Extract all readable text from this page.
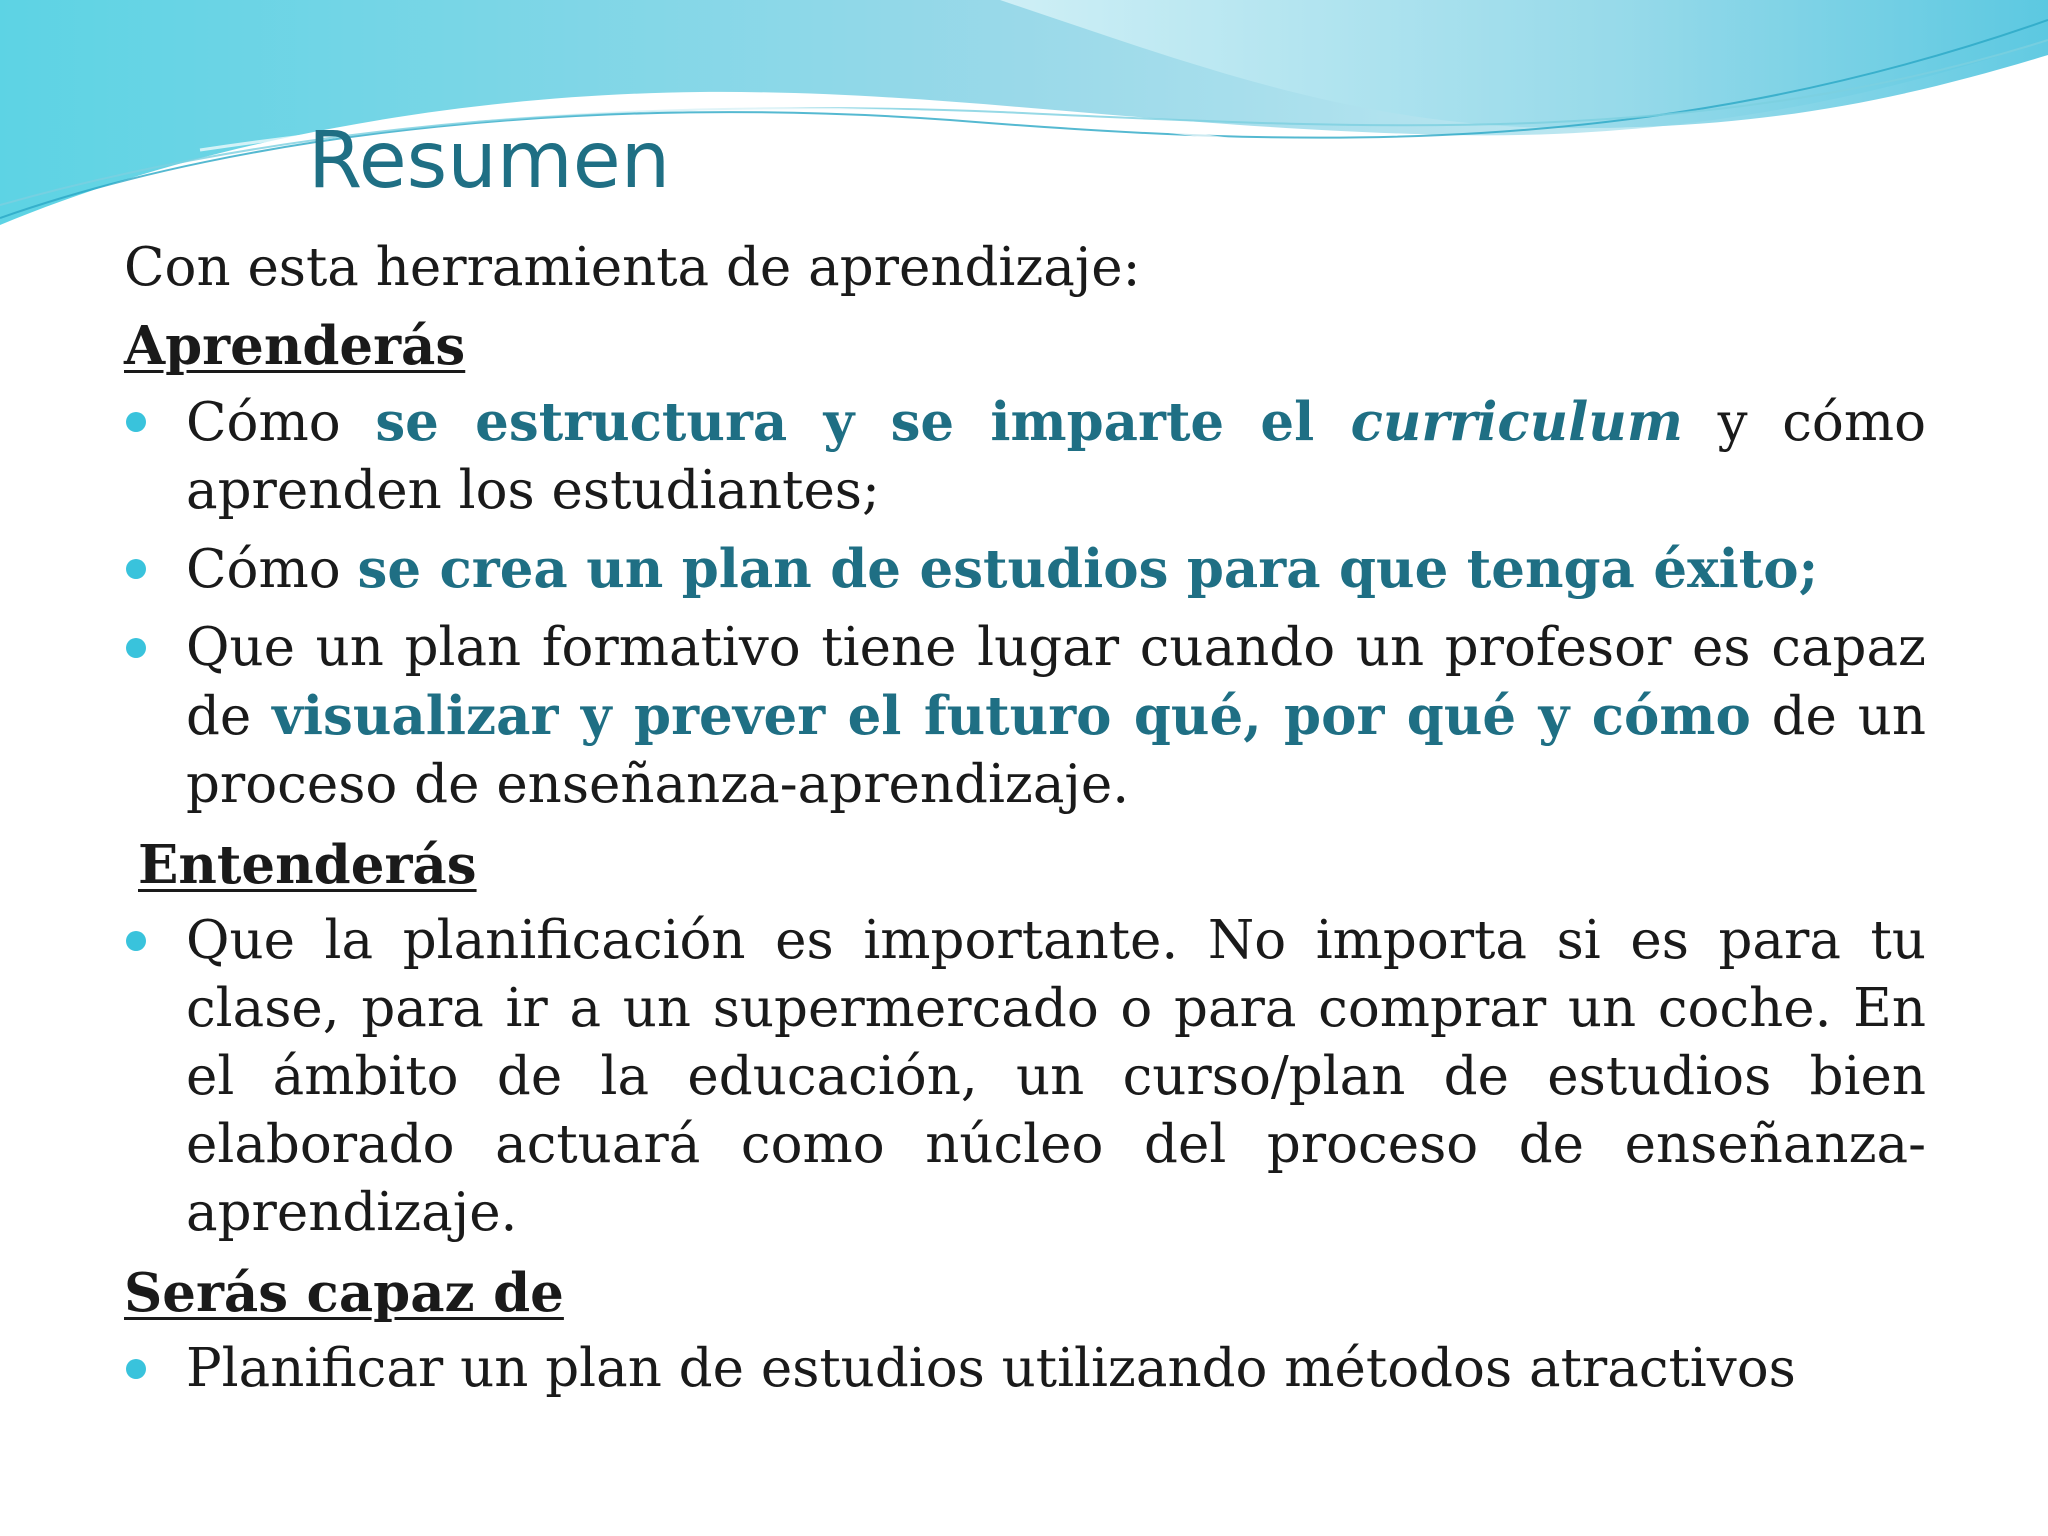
Resumen
Con esta herramienta de aprendizaje:
Aprenderás
Cómo se estructura y se imparte el curriculum y cómo aprenden los estudiantes;
Cómo se crea un plan de estudios para que tenga éxito;
Que un plan formativo tiene lugar cuando un profesor es capaz de visualizar y prever el futuro qué, por qué y cómo de un proceso de enseñanza-aprendizaje.
Entenderás
Que la planificación es importante. No importa si es para tu clase, para ir a un supermercado o para comprar un coche. En el ámbito de la educación, un curso/plan de estudios bien elaborado actuará como núcleo del proceso de enseñanza-aprendizaje.
Serás capaz de
Planificar un plan de estudios utilizando métodos atractivos
